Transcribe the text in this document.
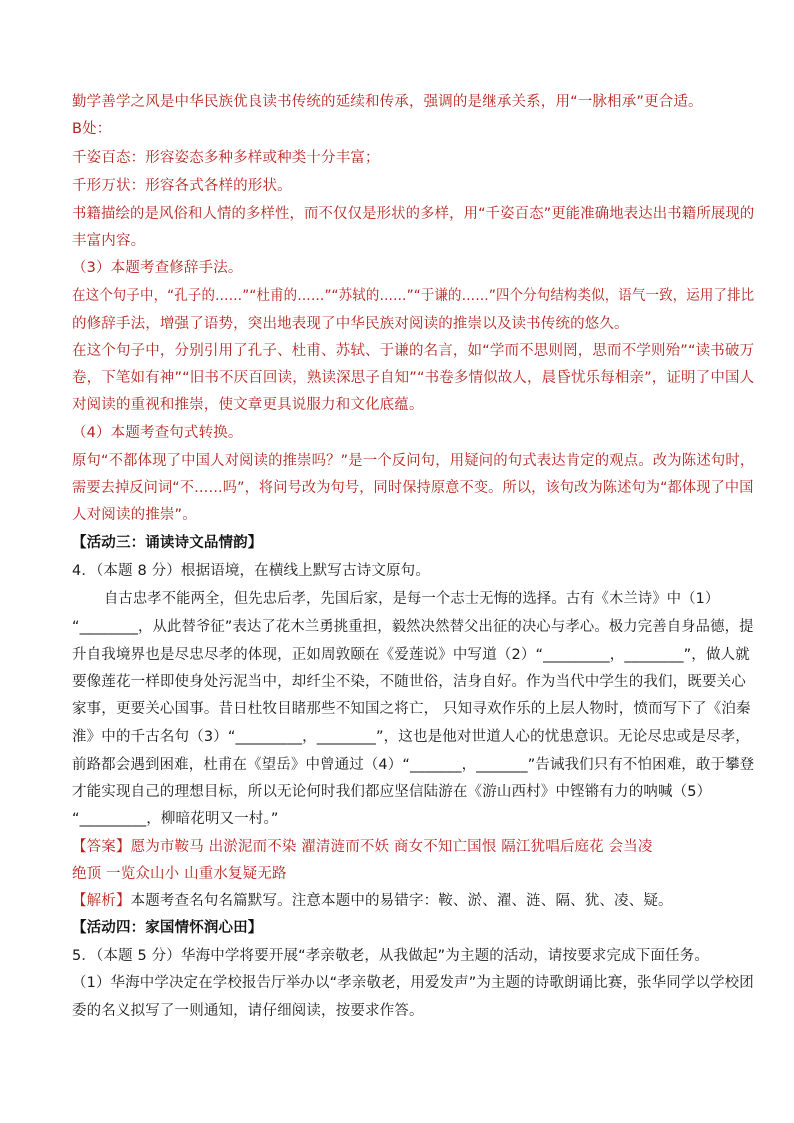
勤学善学之风是中华民族优良读书传统的延续和传承，强调的是继承关系，用“一脉相承”更合适。
B处：
千姿百态：形容姿态多种多样或种类十分丰富；
千形万状：形容各式各样的形状。
书籍描绘的是风俗和人情的多样性，而不仅仅是形状的多样，用“千姿百态”更能准确地表达出书籍所展现的
丰富内容。
（3）本题考查修辞手法。
在这个句子中，“孔子的……”“杜甫的……”“苏轼的……”“于谦的……”四个分句结构类似，语气一致，运用了排比
的修辞手法，增强了语势，突出地表现了中华民族对阅读的推崇以及读书传统的悠久。
在这个句子中，分别引用了孔子、杜甫、苏轼、于谦的名言，如“学而不思则罔，思而不学则殆”“读书破万
卷，下笔如有神”“旧书不厌百回读，熟读深思子自知”“书卷多情似故人，晨昏忧乐每相亲”，证明了中国人
对阅读的重视和推崇，使文章更具说服力和文化底蕴。
（4）本题考查句式转换。
原句“不都体现了中国人对阅读的推崇吗？”是一个反问句，用疑问的句式表达肯定的观点。改为陈述句时，
需要去掉反问词“不……吗”，将问号改为句号，同时保持原意不变。所以，该句改为陈述句为“都体现了中国
人对阅读的推崇”。
【活动三：诵读诗文品情韵】
4．（本题 8 分）根据语境，在横线上默写古诗文原句。
自古忠孝不能两全，但先忠后孝，先国后家，是每一个志士无悔的选择。古有《木兰诗》中（1）
“________，从此替爷征”表达了花木兰勇挑重担，毅然决然替父出征的决心与孝心。极力完善自身品德，提
升自我境界也是尽忠尽孝的体现，正如周敦颐在《爱莲说》中写道（2）“_________，________”，做人就
要像莲花一样即使身处污泥当中，却纤尘不染，不随世俗，洁身自好。作为当代中学生的我们，既要关心
家事，更要关心国事。昔日杜牧目睹那些不知国之将亡， 只知寻欢作乐的上层人物时，愤而写下了《泊秦
淮》中的千古名句（3）“_________，________”，这也是他对世道人心的忧患意识。无论尽忠或是尽孝，
前路都会遇到困难，杜甫在《望岳》中曾通过（4）“_______，_______”告诫我们只有不怕困难，敢于攀登
才能实现自己的理想目标，所以无论何时我们都应坚信陆游在《游山西村》中铿锵有力的呐喊（5）
“_________，柳暗花明又一村。”
【答案】愿为市鞍马 出淤泥而不染 濯清涟而不妖 商女不知亡国恨 隔江犹唱后庭花 会当凌
绝顶 一览众山小 山重水复疑无路
【解析】本题考查名句名篇默写。注意本题中的易错字：鞍、淤、濯、涟、隔、犹、凌、疑。
【活动四：家国情怀润心田】
5．（本题 5 分）华海中学将要开展“孝亲敬老，从我做起”为主题的活动，请按要求完成下面任务。
（1）华海中学决定在学校报告厅举办以“孝亲敬老，用爱发声”为主题的诗歌朗诵比赛，张华同学以学校团
委的名义拟写了一则通知，请仔细阅读，按要求作答。
